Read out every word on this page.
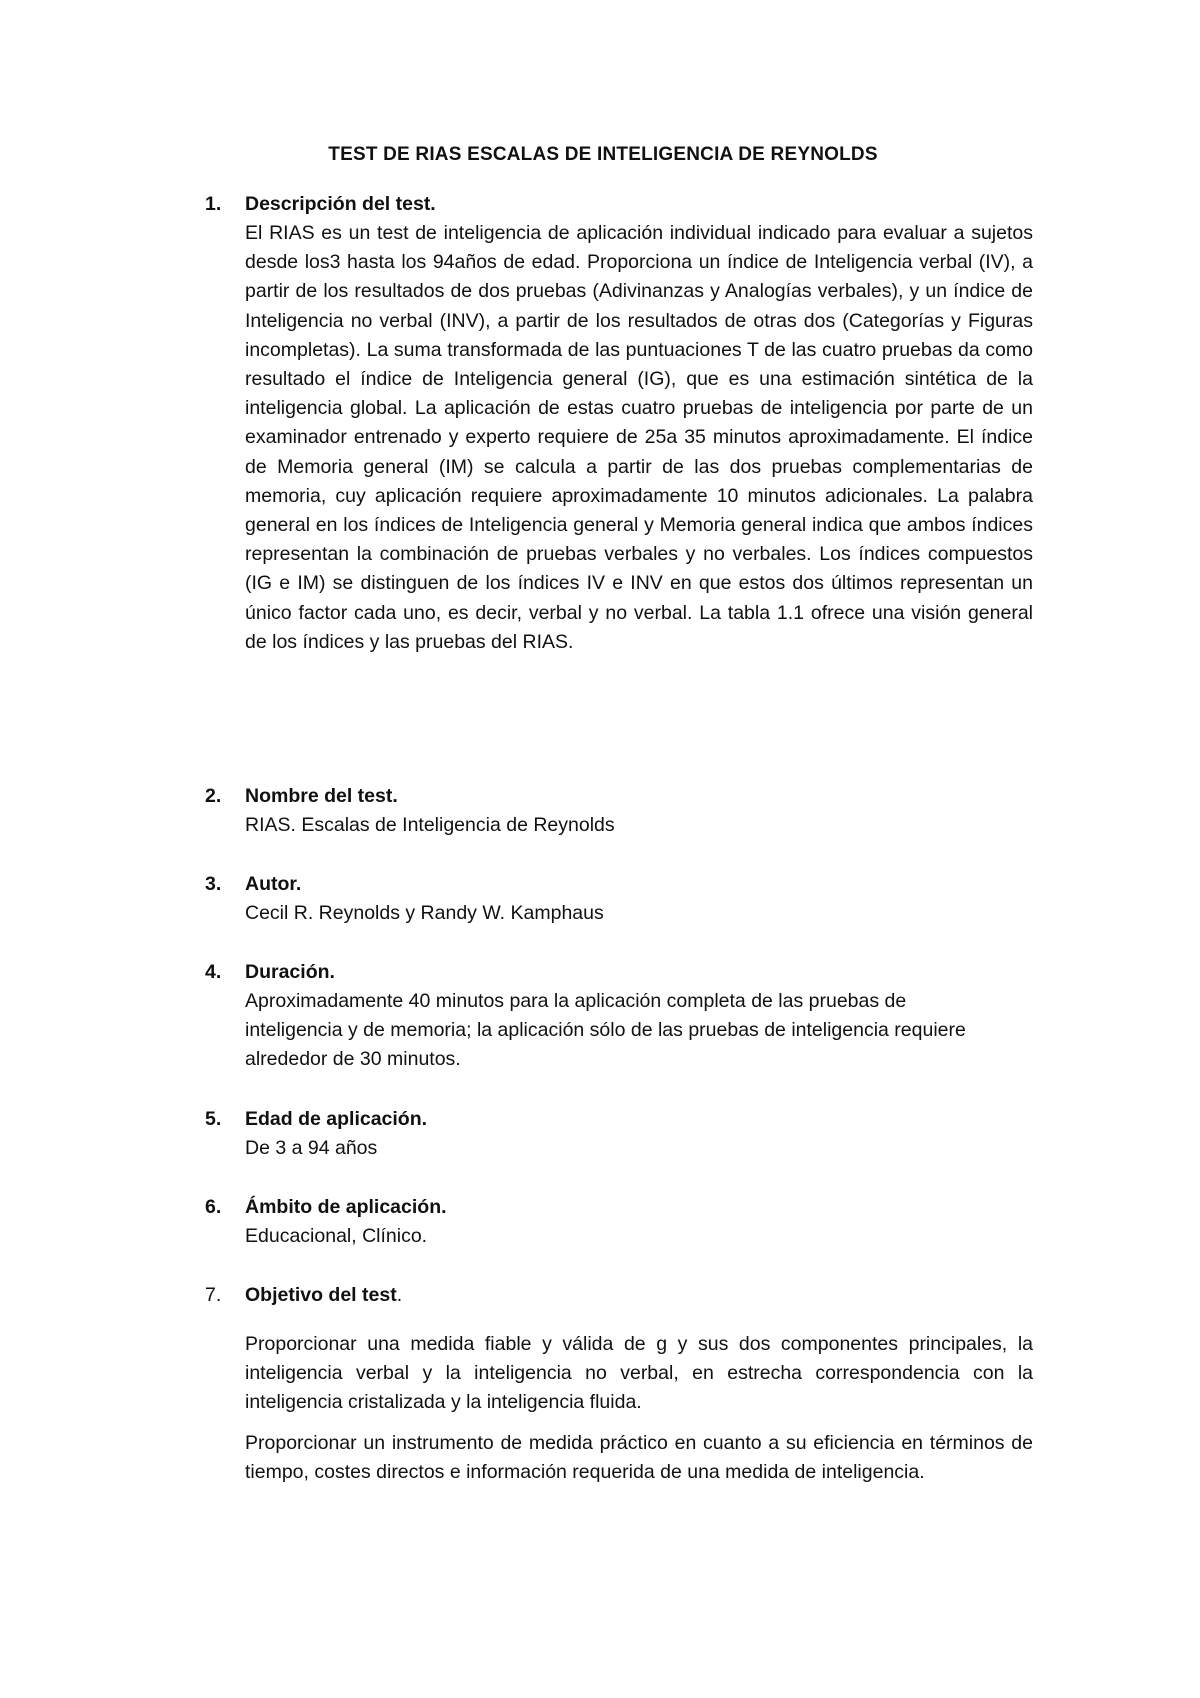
TEST DE RIAS ESCALAS DE INTELIGENCIA DE REYNOLDS
1. Descripción del test.
El RIAS es un test de inteligencia de aplicación individual indicado para evaluar a sujetos desde los3 hasta los 94años de edad. Proporciona un índice de Inteligencia verbal (IV), a partir de los resultados de dos pruebas (Adivinanzas y Analogías verbales), y un índice de Inteligencia no verbal (INV), a partir de los resultados de otras dos (Categorías y Figuras incompletas). La suma transformada de las puntuaciones T de las cuatro pruebas da como resultado el índice de Inteligencia general (IG), que es una estimación sintética de la inteligencia global. La aplicación de estas cuatro pruebas de inteligencia por parte de un examinador entrenado y experto requiere de 25a 35 minutos aproximadamente. El índice de Memoria general (IM) se calcula a partir de las dos pruebas complementarias de memoria, cuy aplicación requiere aproximadamente 10 minutos adicionales. La palabra general en los índices de Inteligencia general y Memoria general indica que ambos índices representan la combinación de pruebas verbales y no verbales. Los índices compuestos (IG e IM) se distinguen de los índices IV e INV en que estos dos últimos representan un único factor cada uno, es decir, verbal y no verbal. La tabla 1.1 ofrece una visión general de los índices y las pruebas del RIAS.
2. Nombre del test.
RIAS. Escalas de Inteligencia de Reynolds
3. Autor.
Cecil R. Reynolds y Randy W. Kamphaus
4. Duración.
Aproximadamente 40 minutos para la aplicación completa de las pruebas de inteligencia y de memoria; la aplicación sólo de las pruebas de inteligencia requiere alrededor de 30 minutos.
5. Edad de aplicación.
De 3 a 94 años
6. Ámbito de aplicación.
Educacional, Clínico.
7. Objetivo del test.
Proporcionar una medida fiable y válida de g y sus dos componentes principales, la inteligencia verbal y la inteligencia no verbal, en estrecha correspondencia con la inteligencia cristalizada y la inteligencia fluida.
Proporcionar un instrumento de medida práctico en cuanto a su eficiencia en términos de tiempo, costes directos e información requerida de una medida de inteligencia.
